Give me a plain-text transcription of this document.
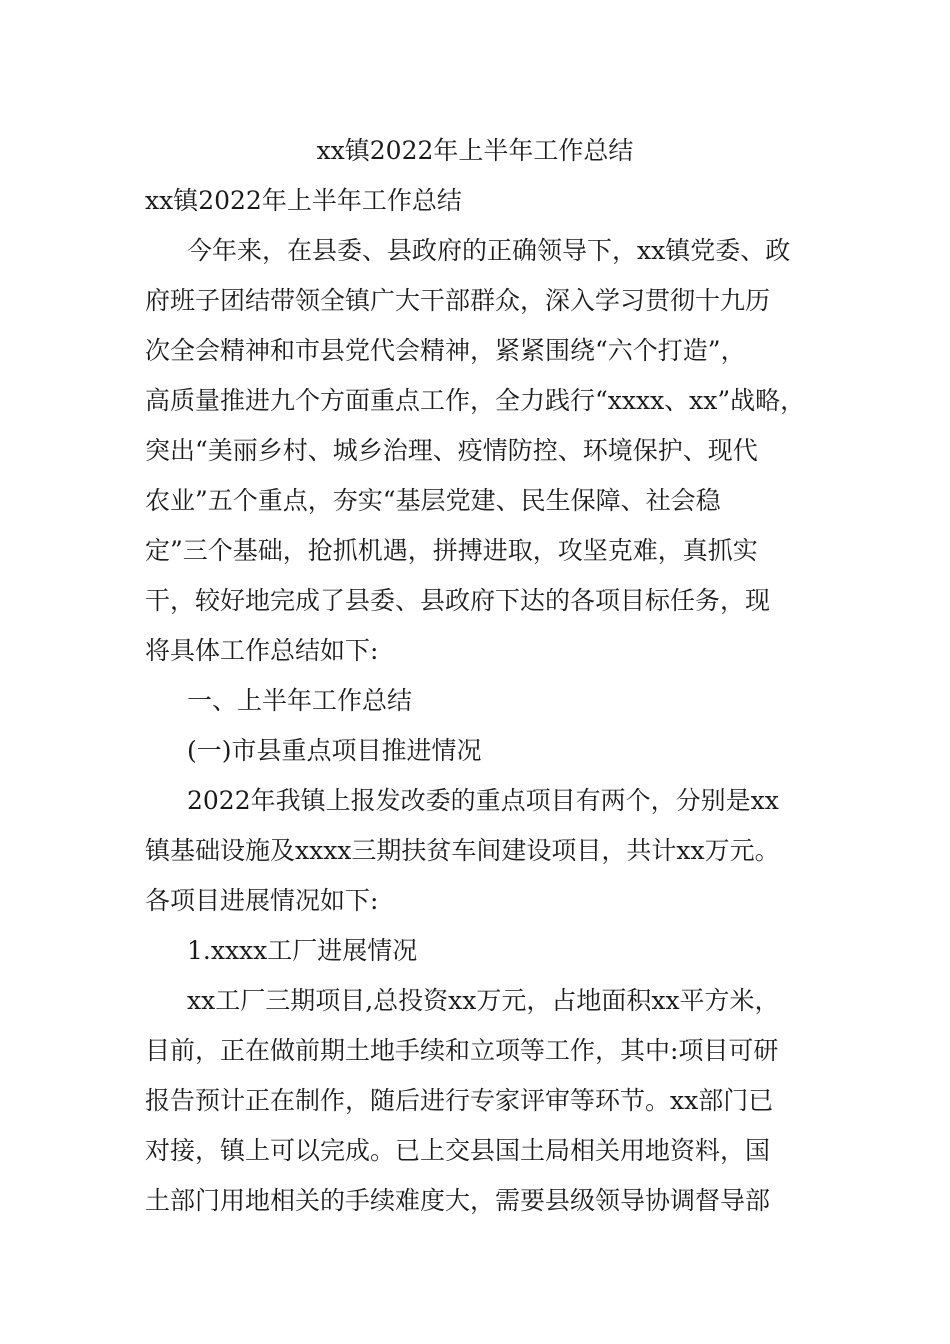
xx镇2022年上半年工作总结

xx镇2022年上半年工作总结

今年来，在县委、县政府的正确领导下，xx镇党委、政

府班子团结带领全镇广大干部群众，深入学习贯彻十九历

次全会精神和市县党代会精神，紧紧围绕“六个打造”，

高质量推进九个方面重点工作，全力践行“xxxx、xx”战略，

突出“美丽乡村、城乡治理、疫情防控、环境保护、现代

农业”五个重点，夯实“基层党建、民生保障、社会稳

定”三个基础，抢抓机遇，拼搏进取，攻坚克难，真抓实

干，较好地完成了县委、县政府下达的各项目标任务，现

将具体工作总结如下:

一、上半年工作总结

(一)市县重点项目推进情况

2022年我镇上报发改委的重点项目有两个，分别是xx

镇基础设施及xxxx三期扶贫车间建设项目，共计xx万元。

各项目进展情况如下:

1.xxxx工厂进展情况

xx工厂三期项目,总投资xx万元，占地面积xx平方米，

目前，正在做前期土地手续和立项等工作，其中:项目可研

报告预计正在制作，随后进行专家评审等环节。xx部门已

对接，镇上可以完成。已上交县国土局相关用地资料，国

土部门用地相关的手续难度大，需要县级领导协调督导部
